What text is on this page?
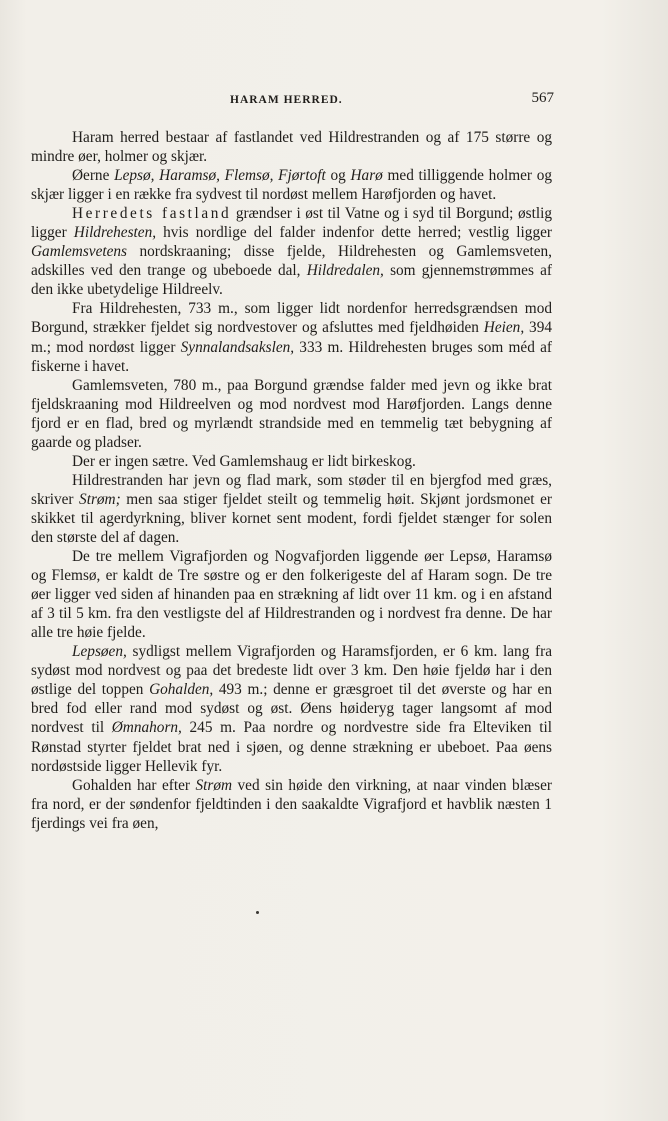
HARAM HERRED.	567

Haram herred bestaar af fastlandet ved Hildrestranden og af 175 større og mindre øer, holmer og skjær.

Øerne Lepsø, Haramsø, Flemsø, Fjørtoft og Harø med tilliggende holmer og skjær ligger i en række fra sydvest til nordøst mellem Harøfjorden og havet.

Herredets fastland grændser i øst til Vatne og i syd til Borgund; østlig ligger Hildrehesten, hvis nordlige del falder indenfor dette herred; vestlig ligger Gamlemsvetens nordskraaning; disse fjelde, Hildrehesten og Gamlemsveten, adskilles ved den trange og ubeboede dal, Hildredalen, som gjennemstrømmes af den ikke ubetydelige Hildreelv.

Fra Hildrehesten, 733 m., som ligger lidt nordenfor herredsgrændsen mod Borgund, strækker fjeldet sig nordvestover og afsluttes med fjeldhøiden Heien, 394 m.; mod nordøst ligger Synnalandsakslen, 333 m. Hildrehesten bruges som méd af fiskerne i havet.

Gamlemsveten, 780 m., paa Borgund grændse falder med jevn og ikke brat fjeldskraaning mod Hildreelven og mod nordvest mod Harøfjorden. Langs denne fjord er en flad, bred og myrlændt strandside med en temmelig tæt bebygning af gaarde og pladser.

Der er ingen sætre. Ved Gamlemshaug er lidt birkeskog.

Hildrestranden har jevn og flad mark, som støder til en bjergfod med græs, skriver Strøm; men saa stiger fjeldet steilt og temmelig høit. Skjønt jordsmonet er skikket til agerdyrkning, bliver kornet sent modent, fordi fjeldet stænger for solen den største del af dagen.

De tre mellem Vigrafjorden og Nogvafjorden liggende øer Lepsø, Haramsø og Flemsø, er kaldt de Tre søstre og er den folkerigeste del af Haram sogn. De tre øer ligger ved siden af hinanden paa en strækning af lidt over 11 km. og i en afstand af 3 til 5 km. fra den vestligste del af Hildrestranden og i nordvest fra denne. De har alle tre høie fjelde.

Lepsøen, sydligst mellem Vigrafjorden og Haramsfjorden, er 6 km. lang fra sydøst mod nordvest og paa det bredeste lidt over 3 km. Den høie fjeldø har i den østlige del toppen Gohalden, 493 m.; denne er græsgroet til det øverste og har en bred fod eller rand mod sydøst og øst. Øens høideryg tager langsomt af mod nordvest til Ømnahorn, 245 m. Paa nordre og nordvestre side fra Elteviken til Rønstad styrter fjeldet brat ned i sjøen, og denne strækning er ubeboet. Paa øens nordøstside ligger Hellevik fyr.

Gohalden har efter Strøm ved sin høide den virkning, at naar vinden blæser fra nord, er der søndenfor fjeldtinden i den saakaldte Vigrafjord et havblik næsten 1 fjerdings vei fra øen,
